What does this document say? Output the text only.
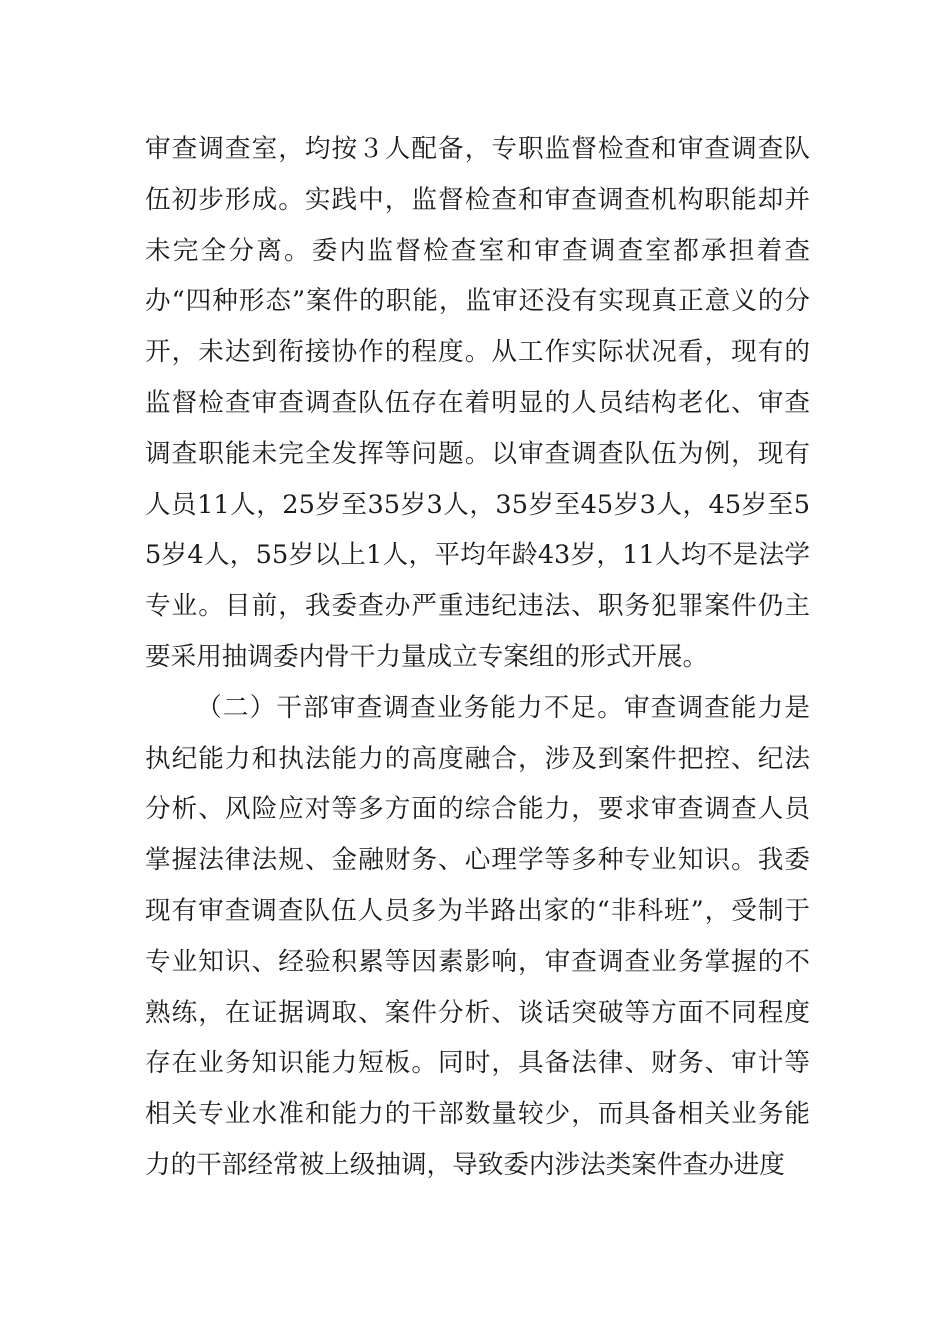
审查调查室，均按３人配备，专职监督检查和审查调查队伍初步形成。实践中，监督检查和审查调查机构职能却并未完全分离。委内监督检查室和审查调查室都承担着查办“四种形态”案件的职能，监审还没有实现真正意义的分开，未达到衔接协作的程度。从工作实际状况看，现有的监督检查审查调查队伍存在着明显的人员结构老化、审查调查职能未完全发挥等问题。以审查调查队伍为例，现有人员11人，25岁至35岁3人，35岁至45岁3人，45岁至55岁4人，55岁以上1人，平均年龄43岁，11人均不是法学专业。目前，我委查办严重违纪违法、职务犯罪案件仍主要采用抽调委内骨干力量成立专案组的形式开展。

（二）干部审查调查业务能力不足。审查调查能力是执纪能力和执法能力的高度融合，涉及到案件把控、纪法分析、风险应对等多方面的综合能力，要求审查调查人员掌握法律法规、金融财务、心理学等多种专业知识。我委现有审查调查队伍人员多为半路出家的“非科班”，受制于专业知识、经验积累等因素影响，审查调查业务掌握的不熟练，在证据调取、案件分析、谈话突破等方面不同程度存在业务知识能力短板。同时，具备法律、财务、审计等相关专业水准和能力的干部数量较少，而具备相关业务能力的干部经常被上级抽调，导致委内涉法类案件查办进度
